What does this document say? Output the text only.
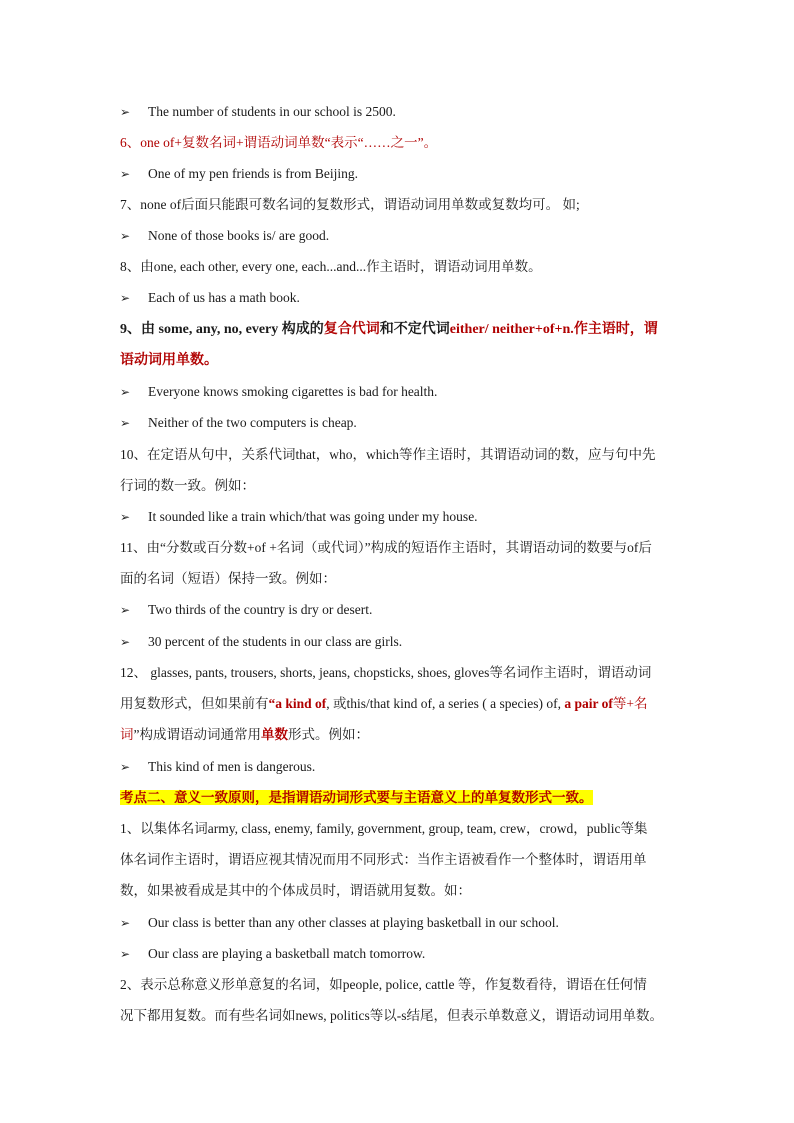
➢ The number of students in our school is 2500.
6、one of+复数名词+谓语动词单数“表示“……之一”。
➢ One of my pen friends is from Beijing.
7、none of后面只能跟可数名词的复数形式，谓语动词用单数或复数均可。 如;
➢ None of those books is/ are good.
8、由one, each other, every one, each...and...作主语时，谓语动词用单数。
➢ Each of us has a math book.
9、由 some, any, no, every 构成的复合代词和不定代词either/ neither+of+n.作主语时，谓
语动词用单数。
➢ Everyone knows smoking cigarettes is bad for health.
➢ Neither of the two computers is cheap.
10、在定语从句中，关系代词that，who，which等作主语时，其谓语动词的数，应与句中先
行词的数一致。例如：
➢ It sounded like a train which/that was going under my house.
11、由“分数或百分数+of +名词（或代词）”构成的短语作主语时，其谓语动词的数要与of后
面的名词（短语）保持一致。例如：
➢ Two thirds of the country is dry or desert.
➢ 30 percent of the students in our class are girls.
12、 glasses, pants, trousers, shorts, jeans, chopsticks, shoes, gloves等名词作主语时，谓语动词
用复数形式，但如果前有“a kind of, 或this/that kind of, a series ( a species) of, a pair of等+名
词”构成谓语动词通常用单数形式。例如：
➢ This kind of men is dangerous.
考点二、意义一致原则，是指谓语动词形式要与主语意义上的单复数形式一致。
1、以集体名词army, class, enemy, family, government, group, team, crew，crowd，public等集
体名词作主语时，谓语应视其情况而用不同形式：当作主语被看作一个整体时，谓语用单
数，如果被看成是其中的个体成员时，谓语就用复数。如：
➢ Our class is better than any other classes at playing basketball in our school.
➢ Our class are playing a basketball match tomorrow.
2、表示总称意义形单意复的名词，如people, police, cattle 等，作复数看待，谓语在任何情
况下都用复数。而有些名词如news, politics等以-s结尾，但表示单数意义，谓语动词用单数。
